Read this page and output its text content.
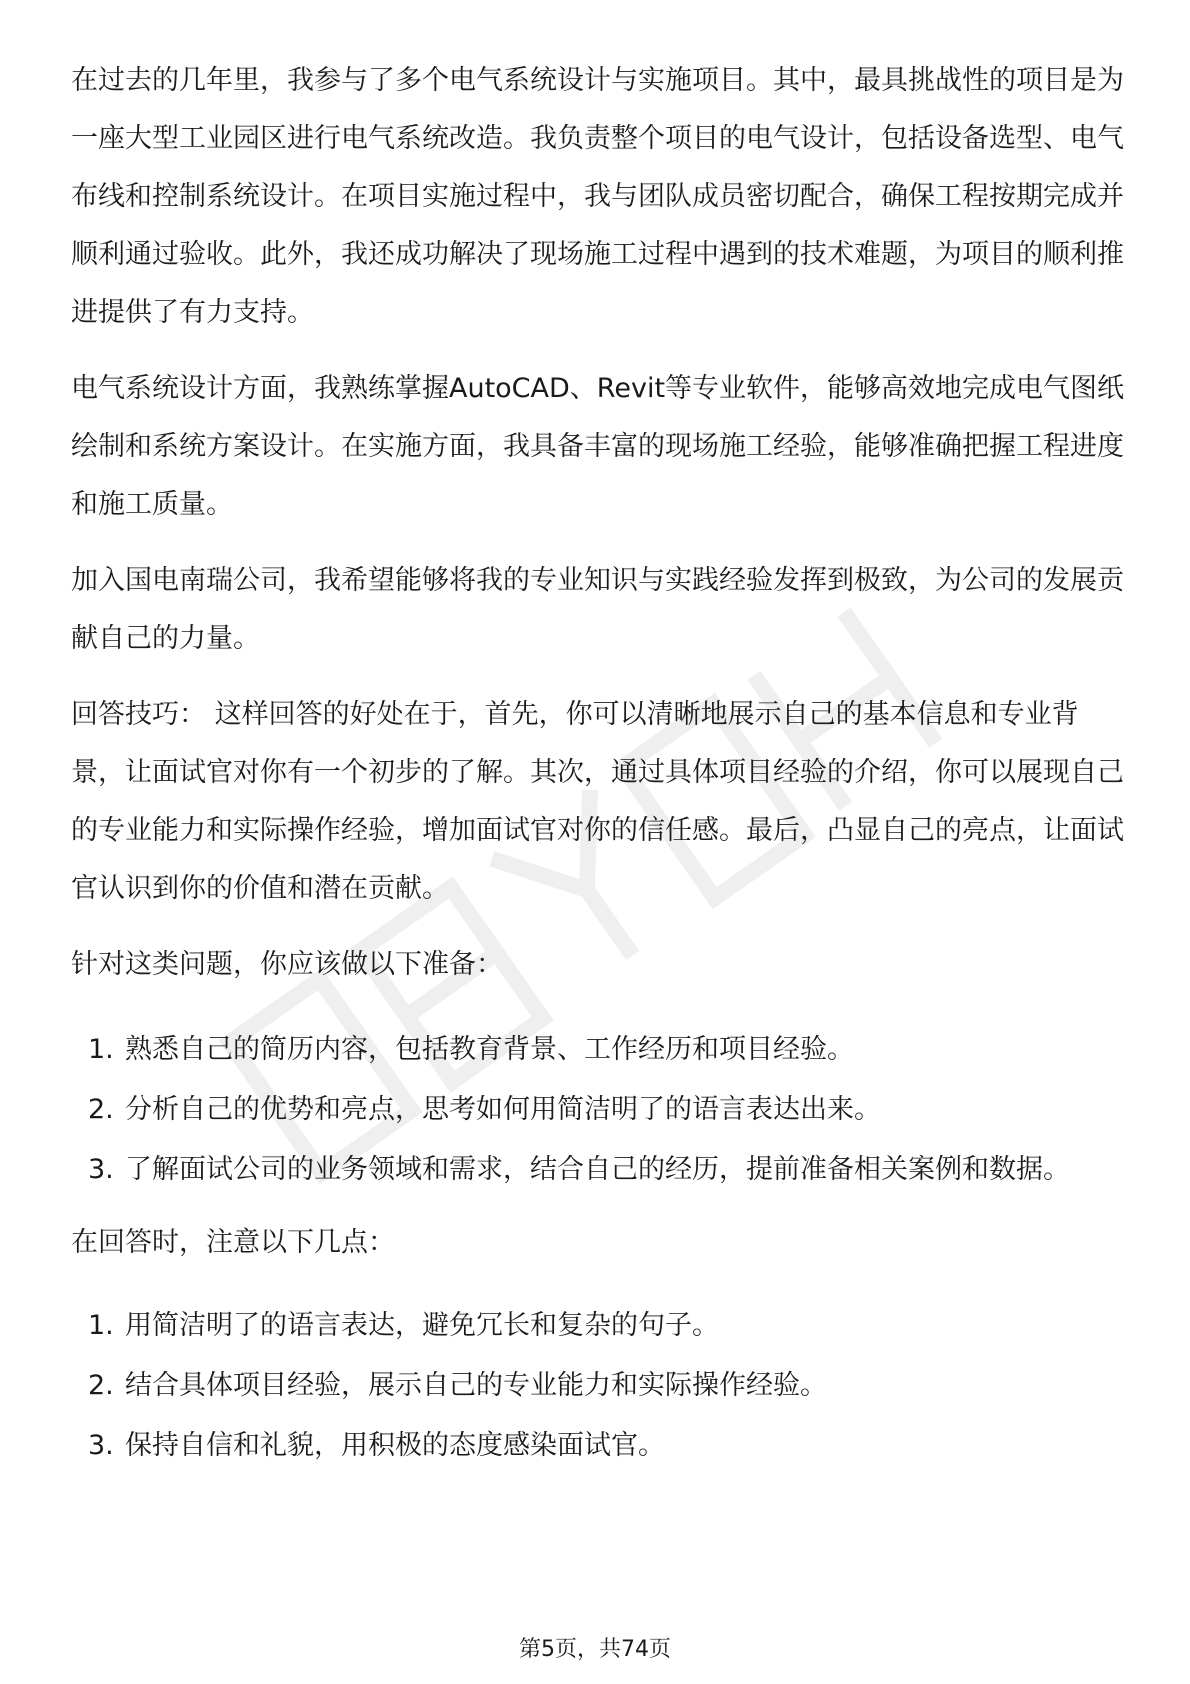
在过去的几年里，我参与了多个电气系统设计与实施项目。其中，最具挑战性的项目是为一座大型工业园区进行电气系统改造。我负责整个项目的电气设计，包括设备选型、电气布线和控制系统设计。在项目实施过程中，我与团队成员密切配合，确保工程按期完成并顺利通过验收。此外，我还成功解决了现场施工过程中遇到的技术难题，为项目的顺利推进提供了有力支持。

电气系统设计方面，我熟练掌握AutoCAD、Revit等专业软件，能够高效地完成电气图纸绘制和系统方案设计。在实施方面，我具备丰富的现场施工经验，能够准确把握工程进度和施工质量。

加入国电南瑞公司，我希望能够将我的专业知识与实践经验发挥到极致，为公司的发展贡献自己的力量。

回答技巧： 这样回答的好处在于，首先，你可以清晰地展示自己的基本信息和专业背景，让面试官对你有一个初步的了解。其次，通过具体项目经验的介绍，你可以展现自己的专业能力和实际操作经验，增加面试官对你的信任感。最后，凸显自己的亮点，让面试官认识到你的价值和潜在贡献。

针对这类问题，你应该做以下准备：

1. 熟悉自己的简历内容，包括教育背景、工作经历和项目经验。
2. 分析自己的优势和亮点，思考如何用简洁明了的语言表达出来。
3. 了解面试公司的业务领域和需求，结合自己的经历，提前准备相关案例和数据。

在回答时，注意以下几点：

1. 用简洁明了的语言表达，避免冗长和复杂的句子。
2. 结合具体项目经验，展示自己的专业能力和实际操作经验。
3. 保持自信和礼貌，用积极的态度感染面试官。
第5页，共74页
